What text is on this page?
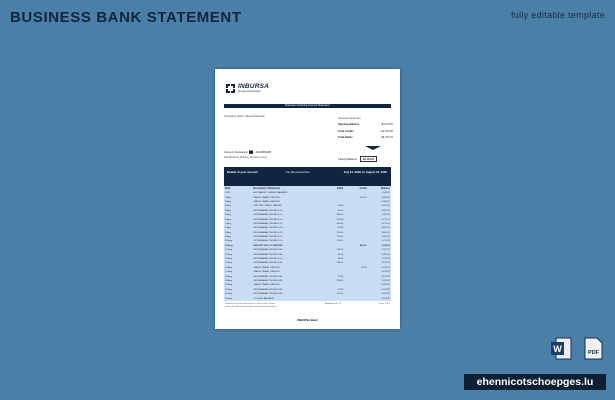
BUSINESS BANK STATEMENT	fully editable template
INBURSA
Grupo Financiero
Business Checking Account Statement
Company name: Aliexar Rosvolo	Account Summary
Opening Balance	$4,113.87
Total Credits	+ $1,016.00
Total Debits	- $4,674.10
Account Sequence: ██ • 1914689400
640 Elizabeth Building, Mexican Lanes	Closing Balance	$3,113.97
Details of your account	For the period from	July 21, 2022, to August 21, 2022
Date	Description / Reference	Debit	Credit	Balance
2023	AUTOMATIC OPENING BALANCE			4,113.87
1-Aug	CARDS TRANS. SERVICE		175.74	4,289.61
2-Aug	CARDS TRANS. SERVICE			4,289.61
4-Aug	SPECTRE CREDIT PARTNE	22.00		4,267.61
4-Aug	WITHDRAWAL ONLINE ID 10	65.00		4,202.61
5-Aug	WITHDRAWAL ONLINE ID 10	300.00		3,902.61
6-Aug	WITHDRAWAL ONLINE ID 10	125.00		3,777.61
7-Aug	WITHDRAWAL ONLINE ID 10	400.00		3,377.61
7-Aug	WITHDRAWAL ONLINE ID 10	90.00		3,287.61
9-Aug	WITHDRAWAL ONLINE ID 10	220.00		3,067.61
9-Aug	WITHDRAWAL ONLINE ID 10	175.00		2,892.61
10-Aug	WITHDRAWAL ONLINE ID 10	170.00		2,722.61
10-Aug	DEPOSIT HN E TO DEPOSIT		800.00	3,522.61
12-Aug	WITHDRAWAL ONLINE 2005	105.00		3,417.61
12-Aug	WITHDRAWAL ONLINE 2005	65.00		3,352.61
14-Aug	WITHDRAWAL ONLINE ID 10	40.00		3,312.61
15-Aug	WITHDRAWAL ONLINE 2005	120.00		3,192.61
16-Aug	CARDS TRANS. SERVICE		40.26	3,232.87
17-Aug	CARDS TRANS. SERVICE			3,232.87
18-Aug	WITHDRAWAL ONLINE 2005	70.00		3,162.87
20-Aug	WITHDRAWAL ONLINE 2005	230.00		2,932.87
20-Aug	CARDS TRANS. SERVICE			2,932.87
21-Aug	WITHDRAWAL ONLINE 2005	20.00		2,912.87
21-Aug	WITHDRAWAL ONLINE 2005	100.00		2,812.87
21-Aug	CLOSING BALANCE			2,812.87
Statement of all the transactions in your account. Please review this statement promptly and report any discrepancy.
Statement ID: 17	Page 1 of 1
INBURSA Bank
W	PDF
ehennicotschoepges.lu
